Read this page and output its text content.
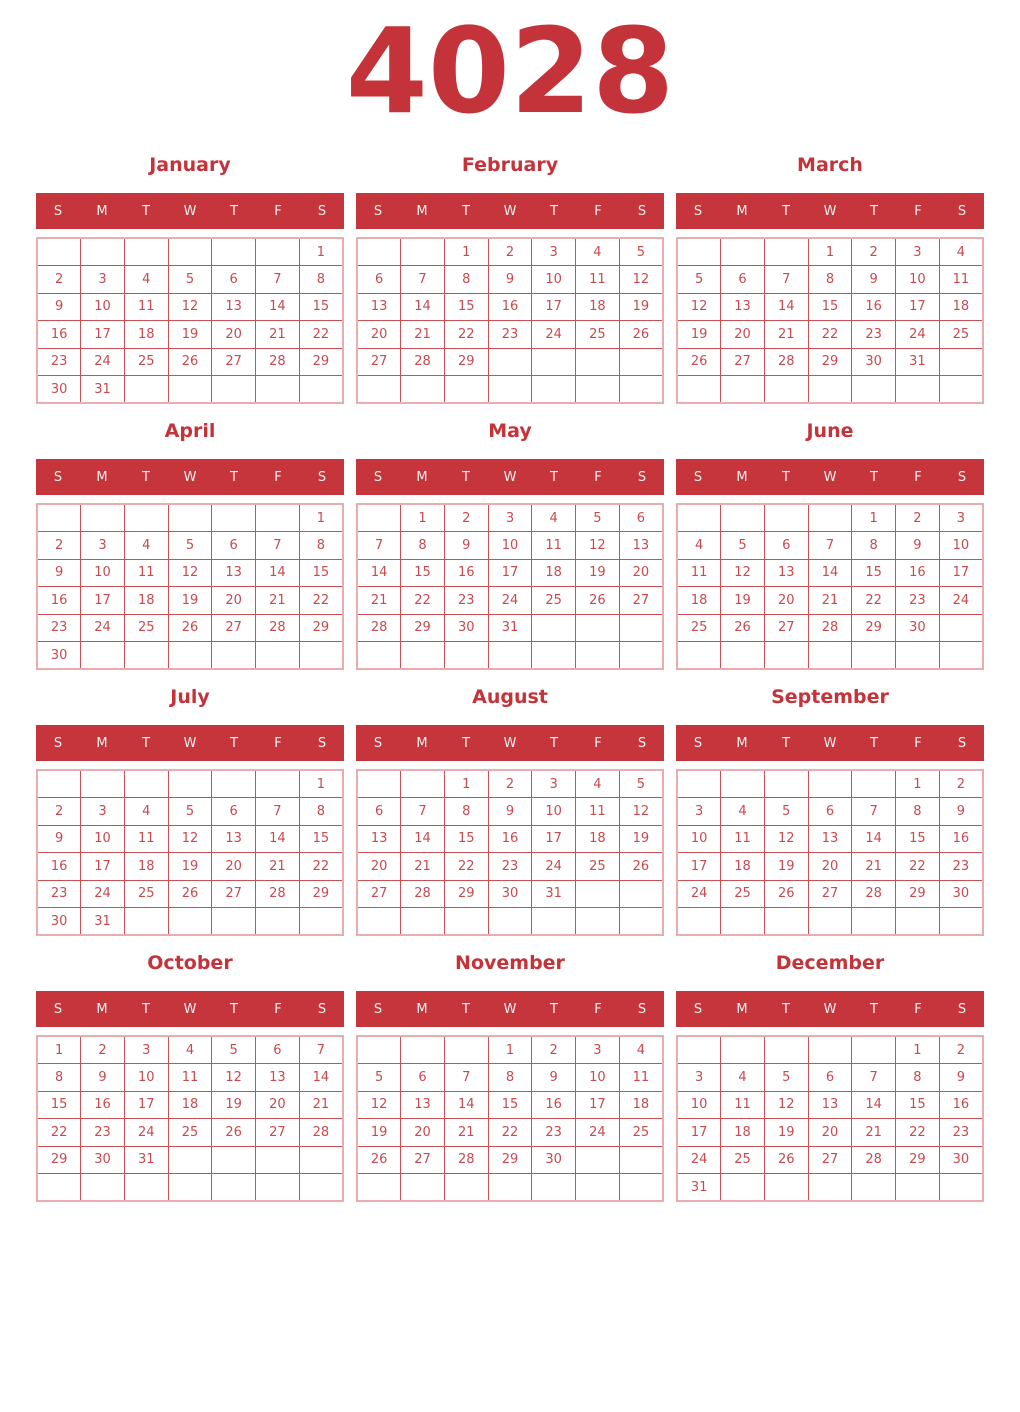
4028
January
S	M	T	W	T	F	S
						1
2	3	4	5	6	7	8
9	10	11	12	13	14	15
16	17	18	19	20	21	22
23	24	25	26	27	28	29
30	31					
February
S	M	T	W	T	F	S
		1	2	3	4	5
6	7	8	9	10	11	12
13	14	15	16	17	18	19
20	21	22	23	24	25	26
27	28	29				

March
S	M	T	W	T	F	S
			1	2	3	4
5	6	7	8	9	10	11
12	13	14	15	16	17	18
19	20	21	22	23	24	25
26	27	28	29	30	31	

April
S	M	T	W	T	F	S
						1
2	3	4	5	6	7	8
9	10	11	12	13	14	15
16	17	18	19	20	21	22
23	24	25	26	27	28	29
30						
May
S	M	T	W	T	F	S
	1	2	3	4	5	6
7	8	9	10	11	12	13
14	15	16	17	18	19	20
21	22	23	24	25	26	27
28	29	30	31			

June
S	M	T	W	T	F	S
				1	2	3
4	5	6	7	8	9	10
11	12	13	14	15	16	17
18	19	20	21	22	23	24
25	26	27	28	29	30	

July
S	M	T	W	T	F	S
						1
2	3	4	5	6	7	8
9	10	11	12	13	14	15
16	17	18	19	20	21	22
23	24	25	26	27	28	29
30	31					
August
S	M	T	W	T	F	S
		1	2	3	4	5
6	7	8	9	10	11	12
13	14	15	16	17	18	19
20	21	22	23	24	25	26
27	28	29	30	31		

September
S	M	T	W	T	F	S
					1	2
3	4	5	6	7	8	9
10	11	12	13	14	15	16
17	18	19	20	21	22	23
24	25	26	27	28	29	30

October
S	M	T	W	T	F	S
1	2	3	4	5	6	7
8	9	10	11	12	13	14
15	16	17	18	19	20	21
22	23	24	25	26	27	28
29	30	31				

November
S	M	T	W	T	F	S
			1	2	3	4
5	6	7	8	9	10	11
12	13	14	15	16	17	18
19	20	21	22	23	24	25
26	27	28	29	30		

December
S	M	T	W	T	F	S
					1	2
3	4	5	6	7	8	9
10	11	12	13	14	15	16
17	18	19	20	21	22	23
24	25	26	27	28	29	30
31						
